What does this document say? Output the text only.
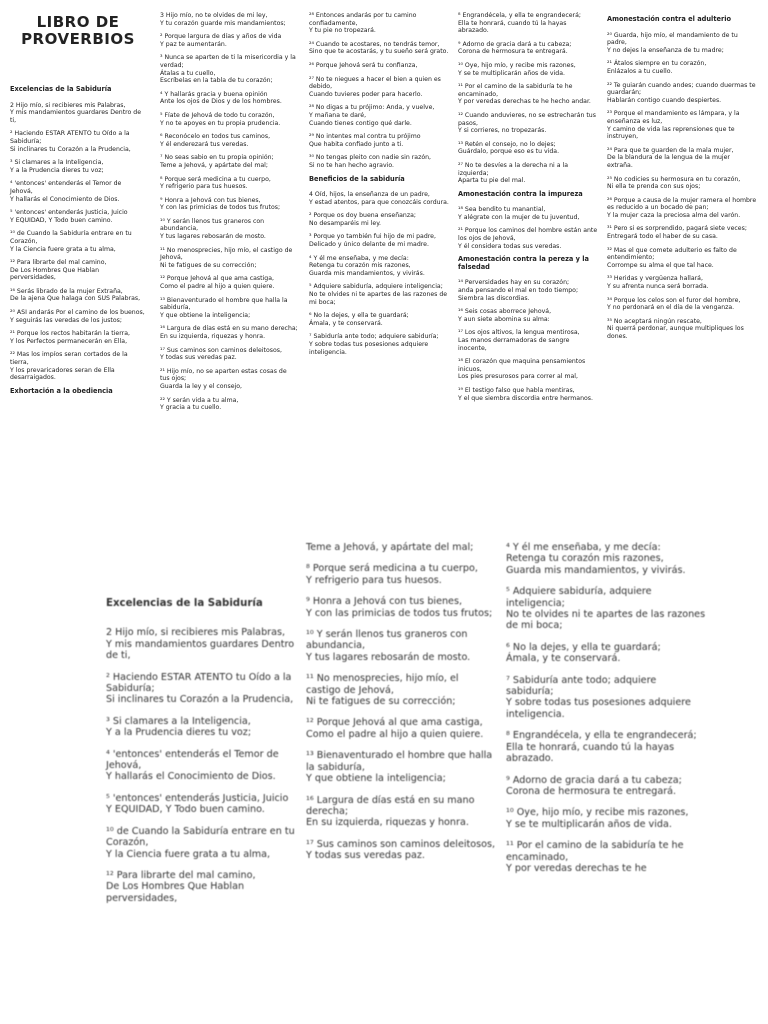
LIBRO DE PROVERBIOS
Excelencias de la Sabiduría
2 Hijo mío, si recibieres mis Palabras,
Y mis mandamientos guardares Dentro de ti,
² Haciendo ESTAR ATENTO tu Oído a la Sabiduría;
Si inclinares tu Corazón a la Prudencia,
³ Si clamares a la Inteligencia,
Y a la Prudencia dieres tu voz;
⁴ 'entonces' entenderás el Temor de Jehová,
Y hallarás el Conocimiento de Dios.
⁵ 'entonces' entenderás Justicia, Juicio
Y EQUIDAD, Y Todo buen camino.
¹⁰ de Cuando la Sabiduría entrare en tu Corazón,
Y la Ciencia fuere grata a tu alma,
¹² Para librarte del mal camino,
De Los Hombres Que Hablan perversidades,
¹⁶ Serás librado de la mujer Extraña,
De la ajena Que halaga con SUS Palabras,
²⁰ ASI andarás Por el camino de los buenos,
Y seguirás las veredas de los justos;
²¹ Porque los rectos habitarán la tierra,
Y los Perfectos permanecerán en Ella,
²² Mas los impíos seran cortados de la tierra,
Y los prevaricadores seran de Ella desarraigados.
Exhortación a la obediencia
3 Hijo mío, no te olvides de mi ley,
Y tu corazón guarde mis mandamientos;
² Porque largura de días y años de vida
Y paz te aumentarán.
³ Nunca se aparten de ti la misericordia y la verdad;
Átalas a tu cuello,
Escríbelas en la tabla de tu corazón;
⁴ Y hallarás gracia y buena opinión
Ante los ojos de Dios y de los hombres.
⁵ Fíate de Jehová de todo tu corazón,
Y no te apoyes en tu propia prudencia.
⁶ Reconócelo en todos tus caminos,
Y él enderezará tus veredas.
⁷ No seas sabio en tu propia opinión;
Teme a Jehová, y apártate del mal;
⁸ Porque será medicina a tu cuerpo,
Y refrigerio para tus huesos.
⁹ Honra a Jehová con tus bienes,
Y con las primicias de todos tus frutos;
¹⁰ Y serán llenos tus graneros con abundancia,
Y tus lagares rebosarán de mosto.
¹¹ No menosprecies, hijo mío, el castigo de Jehová,
Ni te fatigues de su corrección;
¹² Porque Jehová al que ama castiga,
Como el padre al hijo a quien quiere.
¹³ Bienaventurado el hombre que halla la sabiduría,
Y que obtiene la inteligencia;
¹⁶ Largura de días está en su mano derecha;
En su izquierda, riquezas y honra.
¹⁷ Sus caminos son caminos deleitosos,
Y todas sus veredas paz.
²¹ Hijo mío, no se aparten estas cosas de tus ojos;
Guarda la ley y el consejo,
²² Y serán vida a tu alma,
Y gracia a tu cuello.
²⁸ Entonces andarás por tu camino confiadamente,
Y tu pie no tropezará.
²⁴ Cuando te acostares, no tendrás temor,
Sino que te acostarás, y tu sueño será grato.
²⁶ Porque Jehová será tu confianza,
²⁷ No te niegues a hacer el bien a quien es debido,
Cuando tuvieres poder para hacerlo.
²⁸ No digas a tu prójimo: Anda, y vuelve,
Y mañana te daré,
Cuando tienes contigo qué darle.
²⁹ No intentes mal contra tu prójimo
Que habita confiado junto a ti.
³⁰ No tengas pleito con nadie sin razón,
Si no te han hecho agravio.
Beneficios de la sabiduría
4 Oíd, hijos, la enseñanza de un padre,
Y estad atentos, para que conozcáis cordura.
² Porque os doy buena enseñanza;
No desamparéis mi ley.
³ Porque yo también fui hijo de mi padre,
Delicado y único delante de mi madre.
⁴ Y él me enseñaba, y me decía:
Retenga tu corazón mis razones,
Guarda mis mandamientos, y vivirás.
⁵ Adquiere sabiduría, adquiere inteligencia;
No te olvides ni te apartes de las razones de mi boca;
⁶ No la dejes, y ella te guardará;
Ámala, y te conservará.
⁷ Sabiduría ante todo; adquiere sabiduría;
Y sobre todas tus posesiones adquiere inteligencia.
⁸ Engrandécela, y ella te engrandecerá;
Ella te honrará, cuando tú la hayas abrazado.
⁹ Adorno de gracia dará a tu cabeza;
Corona de hermosura te entregará.
¹⁰ Oye, hijo mío, y recibe mis razones,
Y se te multiplicarán años de vida.
¹¹ Por el camino de la sabiduría te he encaminado,
Y por veredas derechas te he hecho andar.
¹² Cuando anduvieres, no se estrecharán tus pasos,
Y si corrieres, no tropezarás.
¹³ Retén el consejo, no lo dejes;
Guárdalo, porque eso es tu vida.
²⁷ No te desvíes a la derecha ni a la izquierda;
Aparta tu pie del mal.
Amonestación contra la impureza
¹⁸ Sea bendito tu manantial,
Y alégrate con la mujer de tu juventud,
²¹ Porque los caminos del hombre están ante los ojos de Jehová,
Y él considera todas sus veredas.
Amonestación contra la pereza y la falsedad
¹⁴ Perversidades hay en su corazón;
anda pensando el mal en todo tiempo;
Siembra las discordias.
¹⁶ Seis cosas aborrece Jehová,
Y aun siete abomina su alma:
¹⁷ Los ojos altivos, la lengua mentirosa,
Las manos derramadoras de sangre inocente,
¹⁸ El corazón que maquina pensamientos inicuos,
Los pies presurosos para correr al mal,
¹⁹ El testigo falso que habla mentiras,
Y el que siembra discordia entre hermanos.
Amonestación contra el adulterio
²⁰ Guarda, hijo mío, el mandamiento de tu padre,
Y no dejes la enseñanza de tu madre;
²¹ Átalos siempre en tu corazón,
Enlázalos a tu cuello.
²² Te guiarán cuando andes; cuando duermas te guardarán;
Hablarán contigo cuando despiertes.
²³ Porque el mandamiento es lámpara, y la enseñanza es luz,
Y camino de vida las reprensiones que te instruyen,
²⁴ Para que te guarden de la mala mujer,
De la blandura de la lengua de la mujer extraña.
²⁵ No codicies su hermosura en tu corazón,
Ni ella te prenda con sus ojos;
²⁶ Porque a causa de la mujer ramera el hombre es reducido a un bocado de pan;
Y la mujer caza la preciosa alma del varón.
³¹ Pero si es sorprendido, pagará siete veces;
Entregará todo el haber de su casa.
³² Mas el que comete adulterio es falto de entendimiento;
Corrompe su alma el que tal hace.
³³ Heridas y vergüenza hallará,
Y su afrenta nunca será borrada.
³⁴ Porque los celos son el furor del hombre,
Y no perdonará en el día de la venganza.
³⁵ No aceptará ningún rescate,
Ni querrá perdonar, aunque multipliques los dones.
Excelencias de la Sabiduría
2 Hijo mío, si recibieres mis Palabras,
Y mis mandamientos guardares Dentro de ti,
² Haciendo ESTAR ATENTO tu Oído a la Sabiduría;
Si inclinares tu Corazón a la Prudencia,
³ Si clamares a la Inteligencia,
Y a la Prudencia dieres tu voz;
⁴ 'entonces' entenderás el Temor de Jehová,
Y hallarás el Conocimiento de Dios.
⁵ 'entonces' entenderás Justicia, Juicio
Y EQUIDAD, Y Todo buen camino.
¹⁰ de Cuando la Sabiduría entrare en tu Corazón,
Y la Ciencia fuere grata a tu alma,
¹² Para librarte del mal camino,
De Los Hombres Que Hablan perversidades,
Teme a Jehová, y apártate del mal;
⁸ Porque será medicina a tu cuerpo,
Y refrigerio para tus huesos.
⁹ Honra a Jehová con tus bienes,
Y con las primicias de todos tus frutos;
¹⁰ Y serán llenos tus graneros con abundancia,
Y tus lagares rebosarán de mosto.
¹¹ No menosprecies, hijo mío, el castigo de Jehová,
Ni te fatigues de su corrección;
¹² Porque Jehová al que ama castiga,
Como el padre al hijo a quien quiere.
¹³ Bienaventurado el hombre que halla la sabiduría,
Y que obtiene la inteligencia;
¹⁶ Largura de días está en su mano derecha;
En su izquierda, riquezas y honra.
¹⁷ Sus caminos son caminos deleitosos,
Y todas sus veredas paz.
⁴ Y él me enseñaba, y me decía:
Retenga tu corazón mis razones,
Guarda mis mandamientos, y vivirás.
⁵ Adquiere sabiduría, adquiere inteligencia;
No te olvides ni te apartes de las razones de mi boca;
⁶ No la dejes, y ella te guardará;
Ámala, y te conservará.
⁷ Sabiduría ante todo; adquiere sabiduría;
Y sobre todas tus posesiones adquiere inteligencia.
⁸ Engrandécela, y ella te engrandecerá;
Ella te honrará, cuando tú la hayas abrazado.
⁹ Adorno de gracia dará a tu cabeza;
Corona de hermosura te entregará.
¹⁰ Oye, hijo mío, y recibe mis razones,
Y se te multiplicarán años de vida.
¹¹ Por el camino de la sabiduría te he encaminado,
Y por veredas derechas te he
